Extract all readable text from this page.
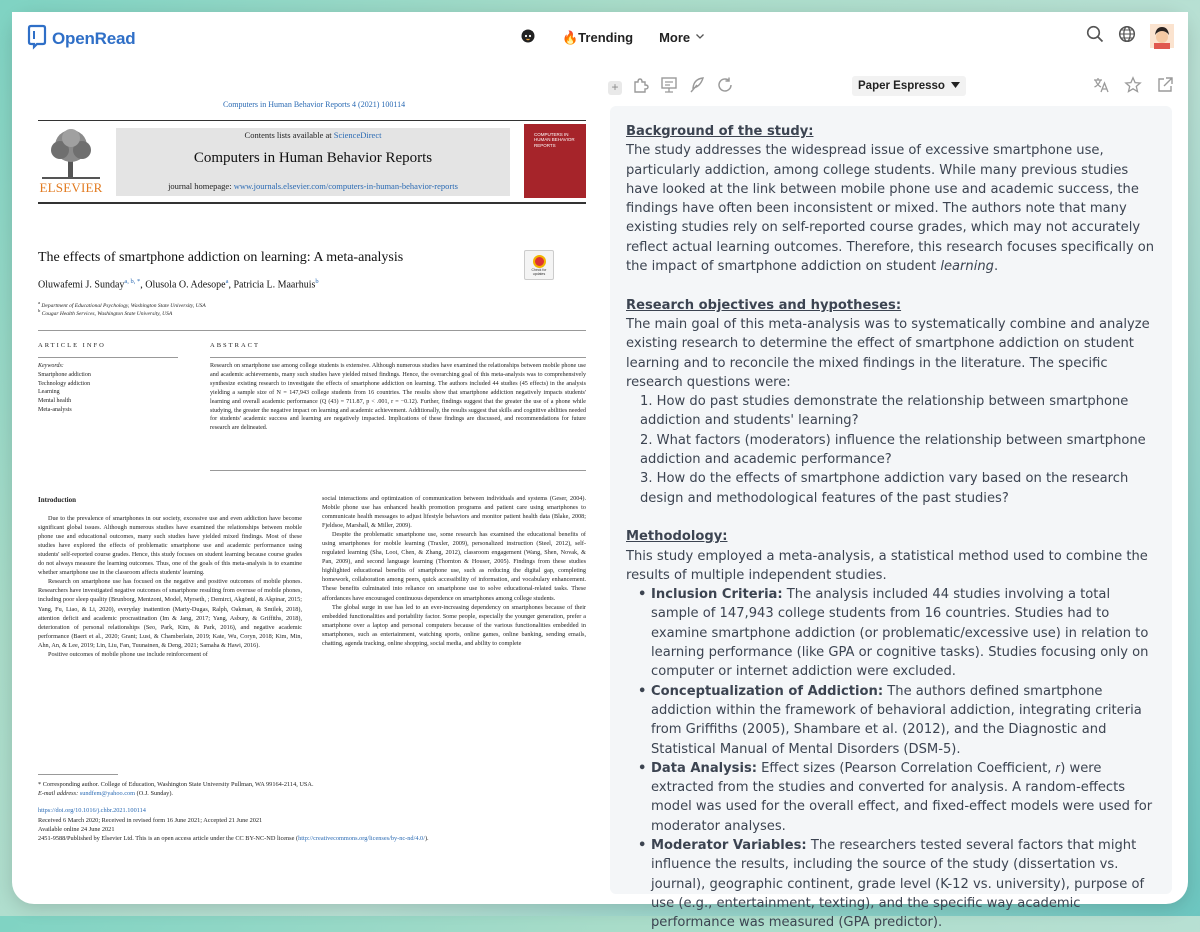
OpenRead	🔥Trending More
Computers in Human Behavior Reports 4 (2021) 100114
ELSEVIER
Contents lists available at ScienceDirect
Computers in Human Behavior Reports
journal homepage: www.journals.elsevier.com/computers-in-human-behavior-reports
COMPUTERS IN HUMAN BEHAVIOR REPORTS
The effects of smartphone addiction on learning: A meta-analysis
Check for updates
Oluwafemi J. Sunday$^{a, b, *}$, Olusola O. Adesope$^a$, Patricia L. Maarhuis$^b$
$^a$ Department of Educational Psychology, Washington State University, USA
$^b$ Cougar Health Services, Washington State University, USA
ARTICLE INFO	ABSTRACT
Keywords:
Smartphone addiction
Technology addiction
Learning
Mental health
Meta-analysis
Research on smartphone use among college students is extensive. Although numerous studies have examined the relationships between mobile phone use and academic achievements, many such studies have yielded mixed findings. Hence, the overarching goal of this meta-analysis was to comprehensively synthesize existing research to investigate the effects of smartphone addiction on learning. The authors included 44 studies (45 effects) in the analysis yielding a sample size of N = 147,943 college students from 16 countries. The results show that smartphone addiction negatively impacts students' learning and overall academic performance (Q (43) = 711.87, p < .001, r = −0.12). Further, findings suggest that the greater the use of a phone while studying, the greater the negative impact on learning and academic achievement. Additionally, the results suggest that skills and cognitive abilities needed for students' academic success and learning are negatively impacted. Implications of these findings are discussed, and recommendations for future research are delineated.
Introduction

Due to the prevalence of smartphones in our society, excessive use and even addiction have become significant global issues. Although numerous studies have examined the relationships between mobile phone use and educational outcomes, many such studies have yielded mixed findings. Most of these studies have explored the effects of problematic smartphone use and academic performance using students' self-reported course grades. Hence, this study focuses on student learning because course grades do not always measure the learning outcomes. Thus, one of the goals of this meta-analysis is to examine whether smartphone use in the classroom affects students' learning.

Research on smartphone use has focused on the negative and positive outcomes of mobile phones. Researchers have investigated negative outcomes of smartphone resulting from overuse of mobile phones, including poor sleep quality (Brunborg, Mentzoni, Model, Myrseth, ; Demirci, Akgönül, & Akpinar, 2015; Yang, Fu, Liao, & Li, 2020), everyday inattention (Marty-Dugas, Ralph, Oakman, & Smilek, 2018), attention deficit and academic procrastination (Im & Jang, 2017; Yang, Asbury, & Griffiths, 2018), deterioration of personal relationships (Seo, Park, Kim, & Park, 2016), and negative academic performance (Baert et al., 2020; Grant; Lust, & Chamberlain, 2019; Kate, Wu, Coryn, 2018; Kim, Min, Ahn, An, & Lee, 2019; Lin, Liu, Fan, Tuunainen, & Deng, 2021; Samaha & Hawi, 2016).

Positive outcomes of mobile phone use include reinforcement of

social interactions and optimization of communication between individuals and systems (Geser, 2004). Mobile phone use has enhanced health promotion programs and patient care using smartphones to communicate health messages to adjust lifestyle behaviors and monitor patient health data (Blake, 2008; Fjeldsoe, Marshall, & Miller, 2009).

Despite the problematic smartphone use, some research has examined the educational benefits of using smartphones for mobile learning (Traxler, 2009), personalized instruction (Steel, 2012), self-regulated learning (Sha, Looi, Chen, & Zhang, 2012), classroom engagement (Wang, Shen, Novak, & Pan, 2009), and second language learning (Thornton & Houser, 2005). Findings from these studies highlighted educational benefits of smartphone use, such as reducing the digital gap, completing homework, collaboration among peers, quick accessibility of information, and vocabulary enhancement. These benefits culminated into reliance on smartphone use to solve educational-related tasks. These affordances have encouraged continuous dependence on smartphones among college students.

The global surge in use has led to an ever-increasing dependency on smartphones because of their embedded functionalities and portability factor. Some people, especially the younger generation, prefer a smartphone over a laptop and personal computers because of the various functionalities embedded in smartphones, such as entertainment, watching sports, online games, online banking, sending emails, chatting, agenda tracking, online shopping, social media, and ability to complete

* Corresponding author. College of Education, Washington State University Pullman, WA 99164-2114, USA.
E-mail address: sundfem@yahoo.com (O.J. Sunday).
https://doi.org/10.1016/j.chbr.2021.100114
Received 6 March 2020; Received in revised form 16 June 2021; Accepted 21 June 2021
Available online 24 June 2021
2451-9588/Published by Elsevier Ltd. This is an open access article under the CC BY-NC-ND license (http://creativecommons.org/licenses/by-nc-nd/4.0/).
+	Paper Espresso
Background of the study:
The study addresses the widespread issue of excessive smartphone use, particularly addiction, among college students. While many previous studies have looked at the link between mobile phone use and academic success, the findings have often been inconsistent or mixed. The authors note that many existing studies rely on self-reported course grades, which may not accurately reflect actual learning outcomes. Therefore, this research focuses specifically on the impact of smartphone addiction on student learning.
Research objectives and hypotheses:
The main goal of this meta-analysis was to systematically combine and analyze existing research to determine the effect of smartphone addiction on student learning and to reconcile the mixed findings in the literature. The specific research questions were:
1. How do past studies demonstrate the relationship between smartphone addiction and students' learning?
2. What factors (moderators) influence the relationship between smartphone addiction and academic performance?
3. How do the effects of smartphone addiction vary based on the research design and methodological features of the past studies?
Methodology:
This study employed a meta-analysis, a statistical method used to combine the results of multiple independent studies.
• Inclusion Criteria: The analysis included 44 studies involving a total sample of 147,943 college students from 16 countries. Studies had to examine smartphone addiction (or problematic/excessive use) in relation to learning performance (like GPA or cognitive tasks). Studies focusing only on computer or internet addiction were excluded.
• Conceptualization of Addiction: The authors defined smartphone addiction within the framework of behavioral addiction, integrating criteria from Griffiths (2005), Shambare et al. (2012), and the Diagnostic and Statistical Manual of Mental Disorders (DSM-5).
• Data Analysis: Effect sizes (Pearson Correlation Coefficient, 𝑟) were extracted from the studies and converted for analysis. A random-effects model was used for the overall effect, and fixed-effect models were used for moderator analyses.
• Moderator Variables: The researchers tested several factors that might influence the results, including the source of the study (dissertation vs. journal), geographic continent, grade level (K-12 vs. university), purpose of use (e.g., entertainment, texting), and the specific way academic performance was measured (GPA predictor).
